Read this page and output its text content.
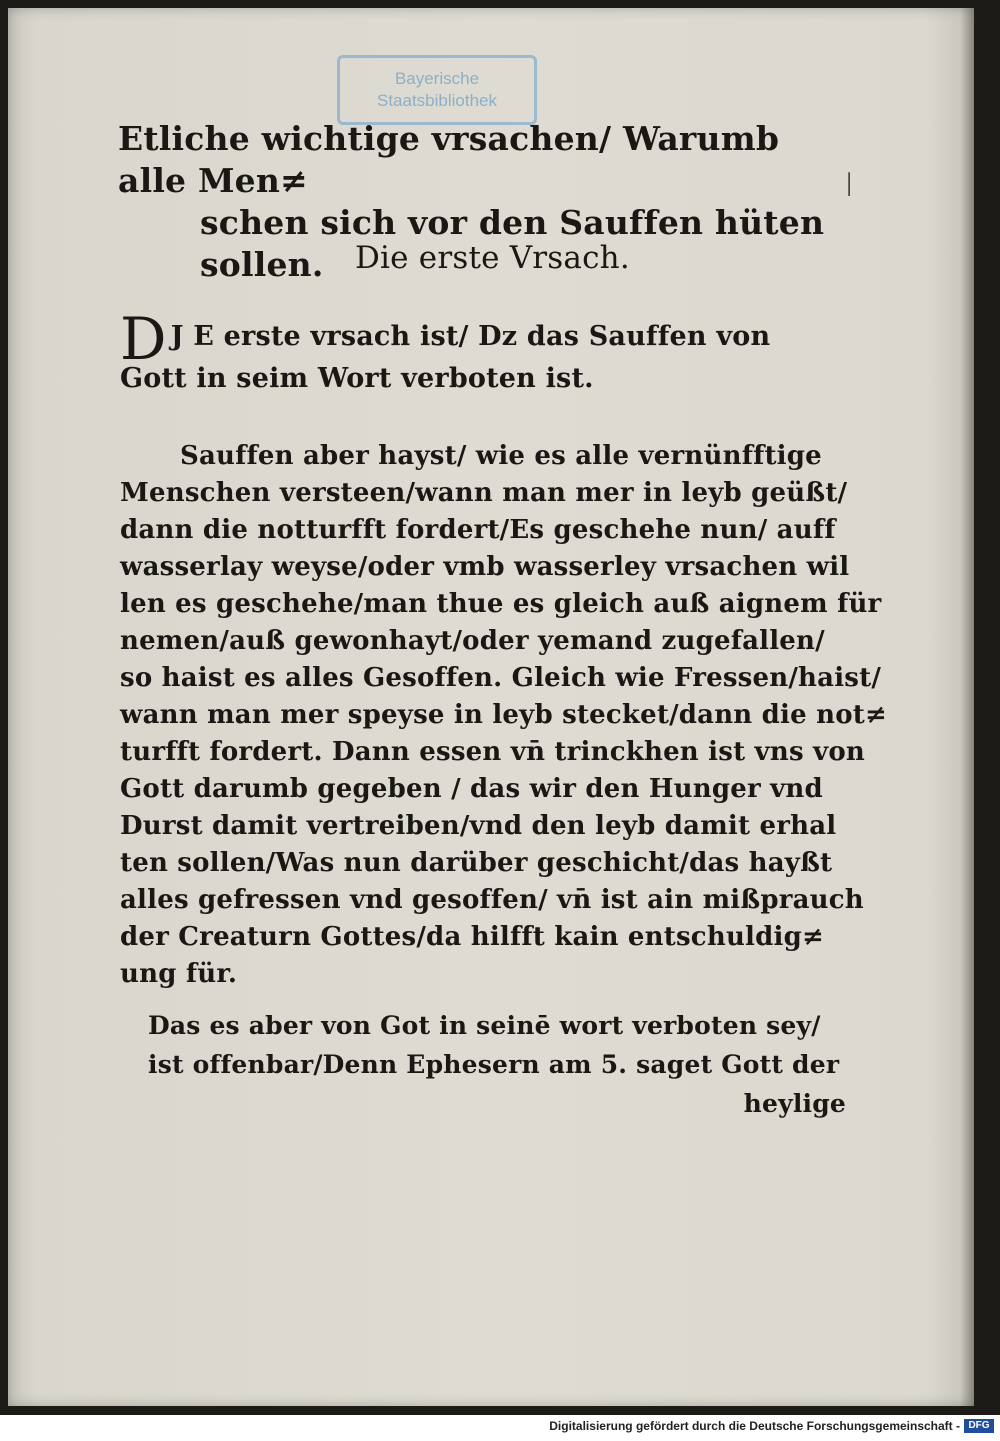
Bayerische
Staatsbibliothek
Etliche wichtige vrsachen/ Warumb alle Men≠
schen sich vor den Sauffen hüten sollen.
│
Die erste Vrsach.
D J E erste vrsach ist/ Dz das Sauffen von
Gott in seim Wort verboten ist.
Sauffen aber hayst/ wie es alle vernünfftige
Menschen versteen/wann man mer in leyb geüßt/
dann die notturfft fordert/Es geschehe nun/ auff
wasserlay weyse/oder vmb wasserley vrsachen wil
len es geschehe/man thue es gleich auß aignem für
nemen/auß gewonhayt/oder yemand zugefallen/
so haist es alles Gesoffen. Gleich wie Fressen/haist/
wann man mer speyse in leyb stecket/dann die not≠
turfft fordert. Dann essen vn̄ trinckhen ist vns von
Gott darumb gegeben / das wir den Hunger vnd
Durst damit vertreiben/vnd den leyb damit erhal
ten sollen/Was nun darüber geschicht/das hayßt
alles gefressen vnd gesoffen/ vn̄ ist ain mißprauch
der Creaturn Gottes/da hilfft kain entschuldig≠
ung für.
Das es aber von Got in seinē wort verboten sey/
ist offenbar/Denn Ephesern am 5. saget Gott der
heylige
Digitalisierung gefördert durch die Deutsche Forschungsgemeinschaft - DFG
